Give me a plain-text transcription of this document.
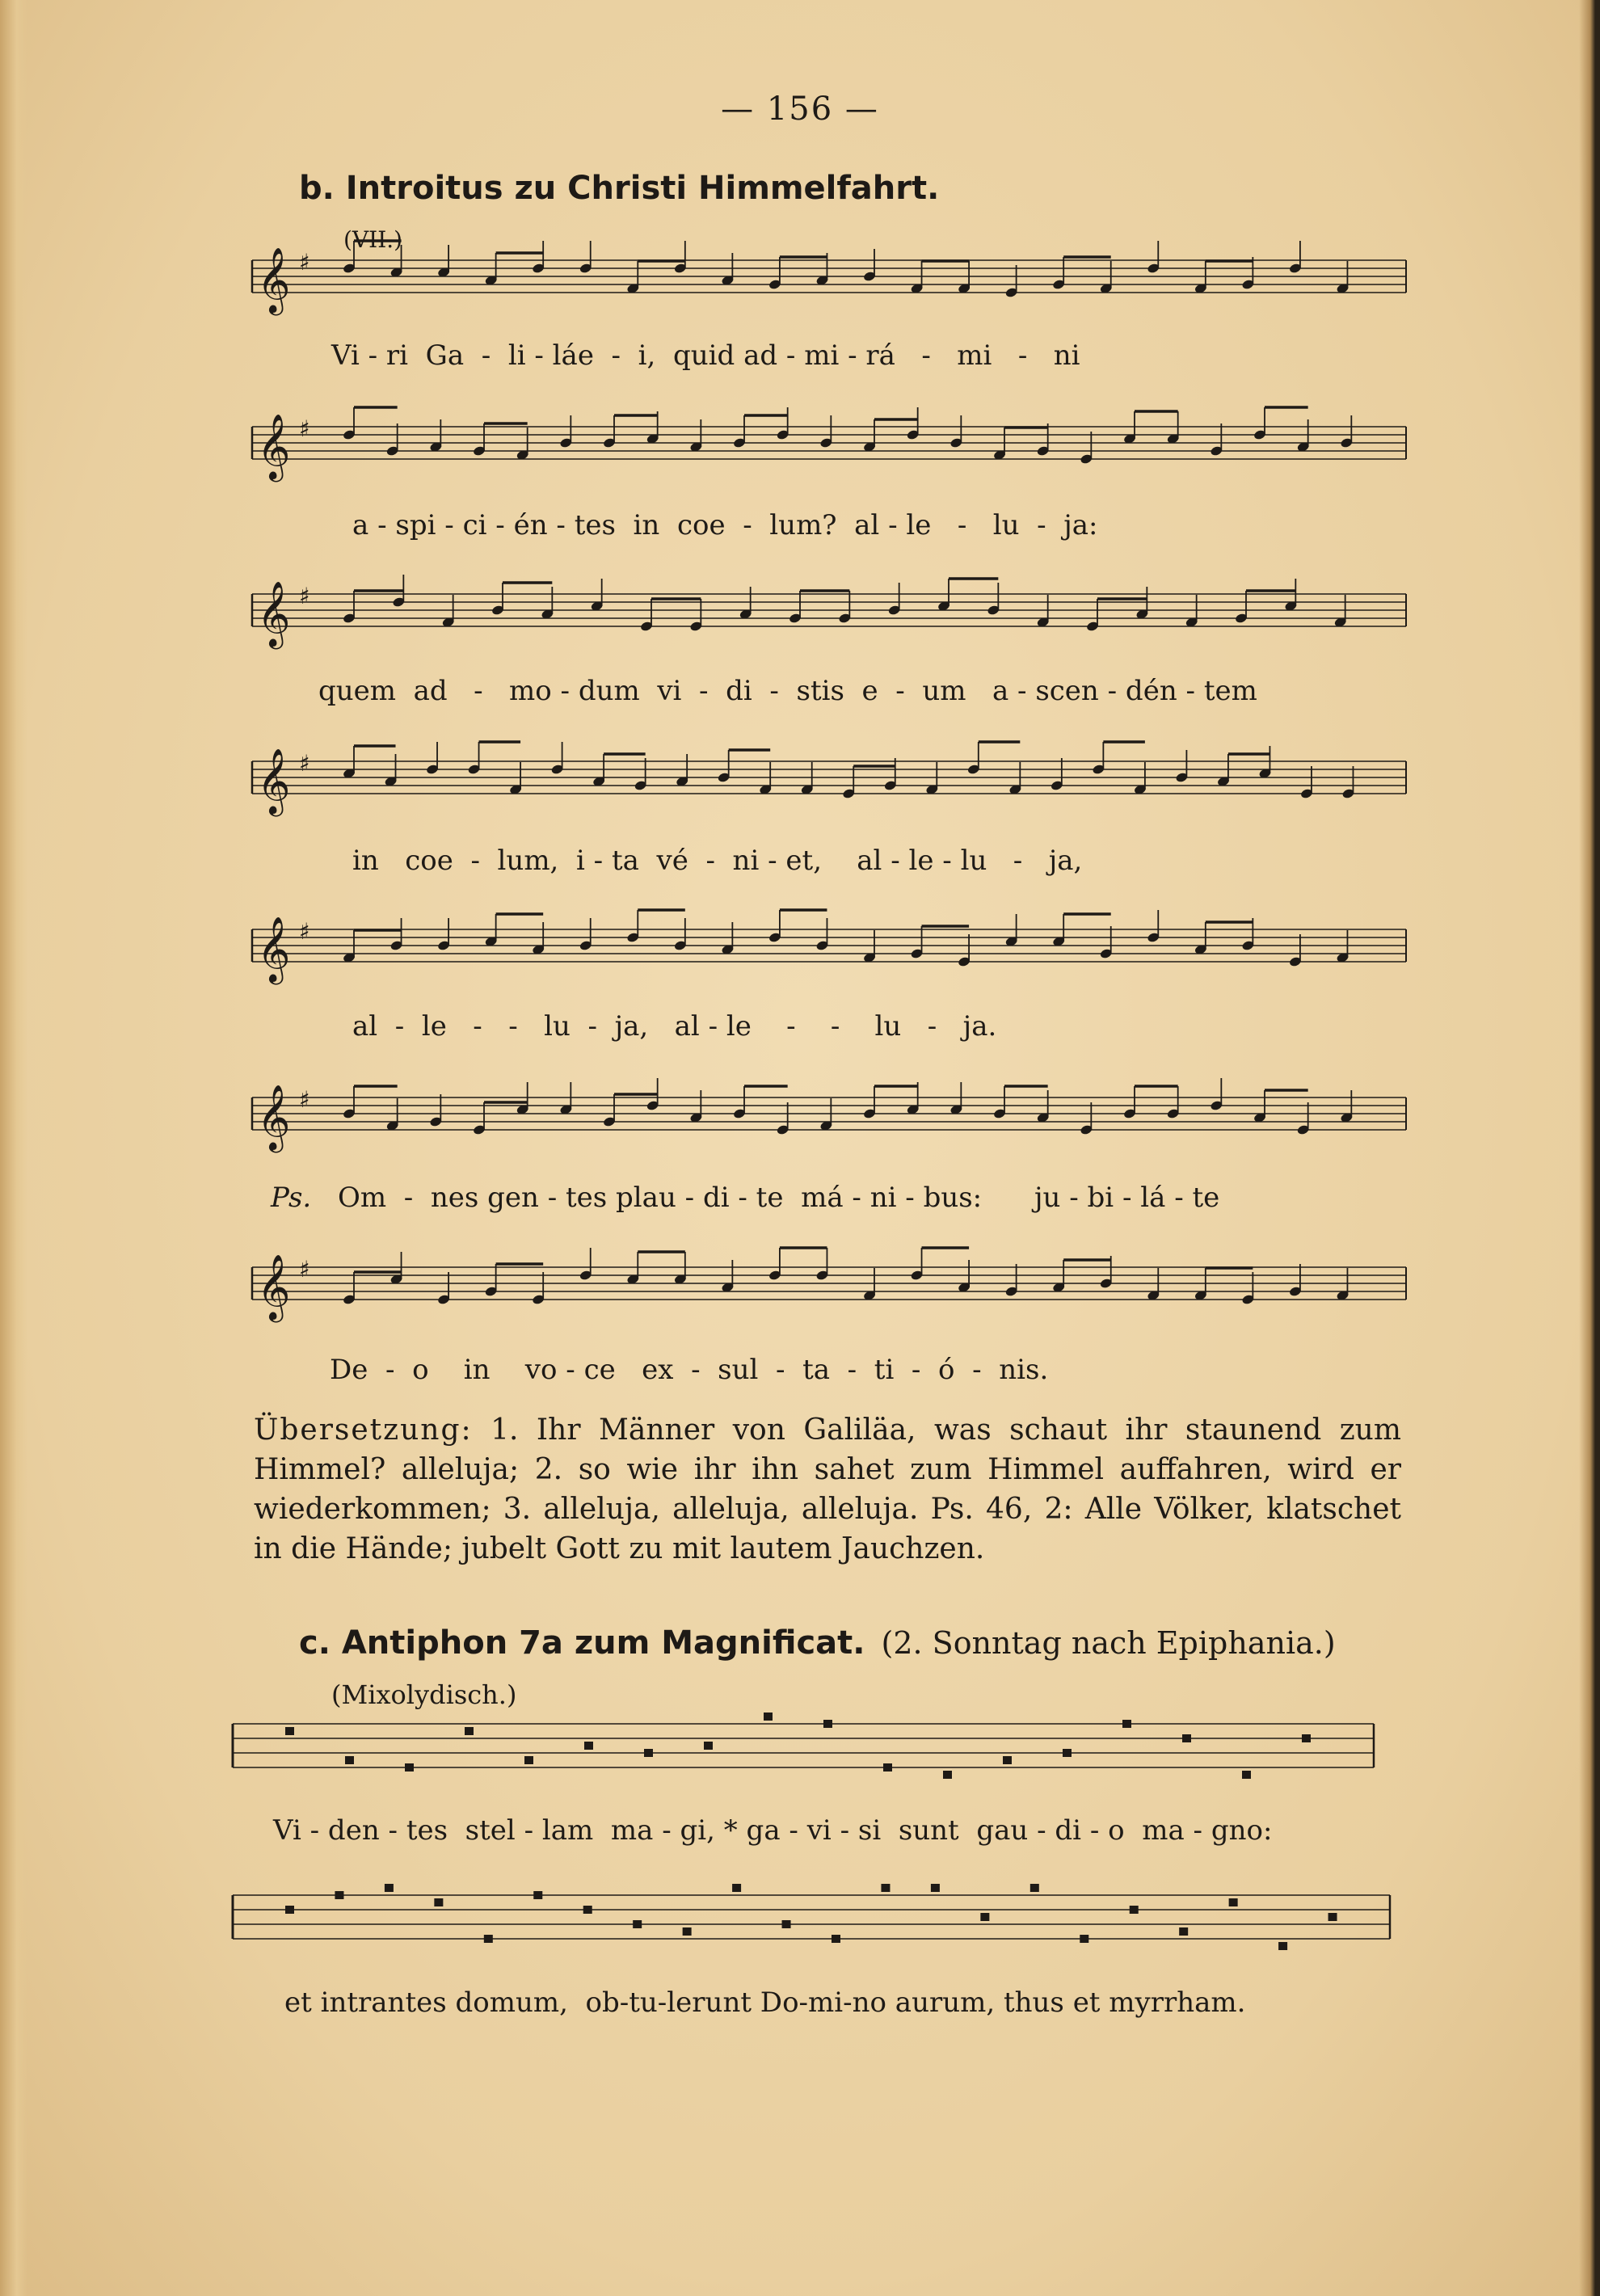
— 156 —
b. Introitus zu Christi Himmelfahrt.
(VII.)
𝄞 ♯
𝄞 ♯
𝄞 ♯
𝄞 ♯
𝄞 ♯
𝄞 ♯
𝄞 ♯
Vi - ri  Ga  -  li - láe  -  i,  quid ad - mi - rá   -   mi   -   ni
a - spi - ci - én - tes  in  coe  -  lum?  al - le   -   lu  -  ja:
quem  ad   -   mo - dum  vi  -  di  -  stis  e  -  um   a - scen - dén - tem
in   coe  -  lum,  i - ta  vé  -  ni - et,    al - le - lu   -   ja,
al  -  le   -   -   lu  -  ja,   al - le    -    -    lu   -   ja.
Ps. Om  -  nes gen - tes plau - di - te  má - ni - bus:      ju - bi - lá - te
De  -  o    in    vo - ce   ex  -  sul  -  ta  -  ti  -  ó  -  nis.
Übersetzung: 1. Ihr Männer von Galiläa, was schaut ihr staunend zum Himmel? alleluja; 2. so wie ihr ihn sahet zum Himmel auffahren, wird er wiederkommen; 3. alleluja, alleluja, alleluja. Ps. 46, 2: Alle Völker, klatschet in die Hände; jubelt Gott zu mit lautem Jauchzen.
c. Antiphon 7a zum Magnificat. (2. Sonntag nach Epiphania.)
(Mixolydisch.)
Vi - den - tes  stel - lam  ma - gi, * ga - vi - si  sunt  gau - di - o  ma - gno:
et intrantes domum,  ob-tu-lerunt Do-mi-no aurum, thus et myrrham.
